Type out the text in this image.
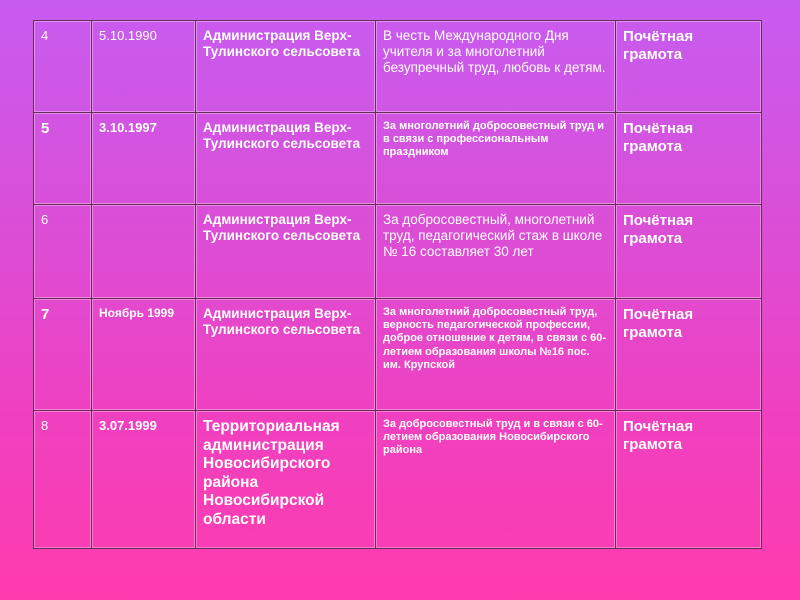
4	5.10.1990	Администрация Верх-Тулинского сельсовета	В честь Международного Дня учителя и за многолетний безупречный труд, любовь к детям.	Почётная грамота
5	3.10.1997	Администрация Верх-Тулинского сельсовета	За многолетний добросовестный труд и в связи с профессиональным праздником	Почётная грамота
6		Администрация Верх-Тулинского сельсовета	За добросовестный, многолетний труд, педагогический стаж в школе № 16 составляет 30 лет	Почётная грамота
7	Ноябрь 1999	Администрация Верх-Тулинского сельсовета	За многолетний добросовестный труд, верность педагогической профессии, доброе отношение к детям, в связи с 60-летием образования школы №16 пос. им. Крупской	Почётная грамота
8	3.07.1999	Территориальная администрация Новосибирского района Новосибирской области	За добросовестный труд и в связи с 60-летием образования Новосибирского района	Почётная грамота
